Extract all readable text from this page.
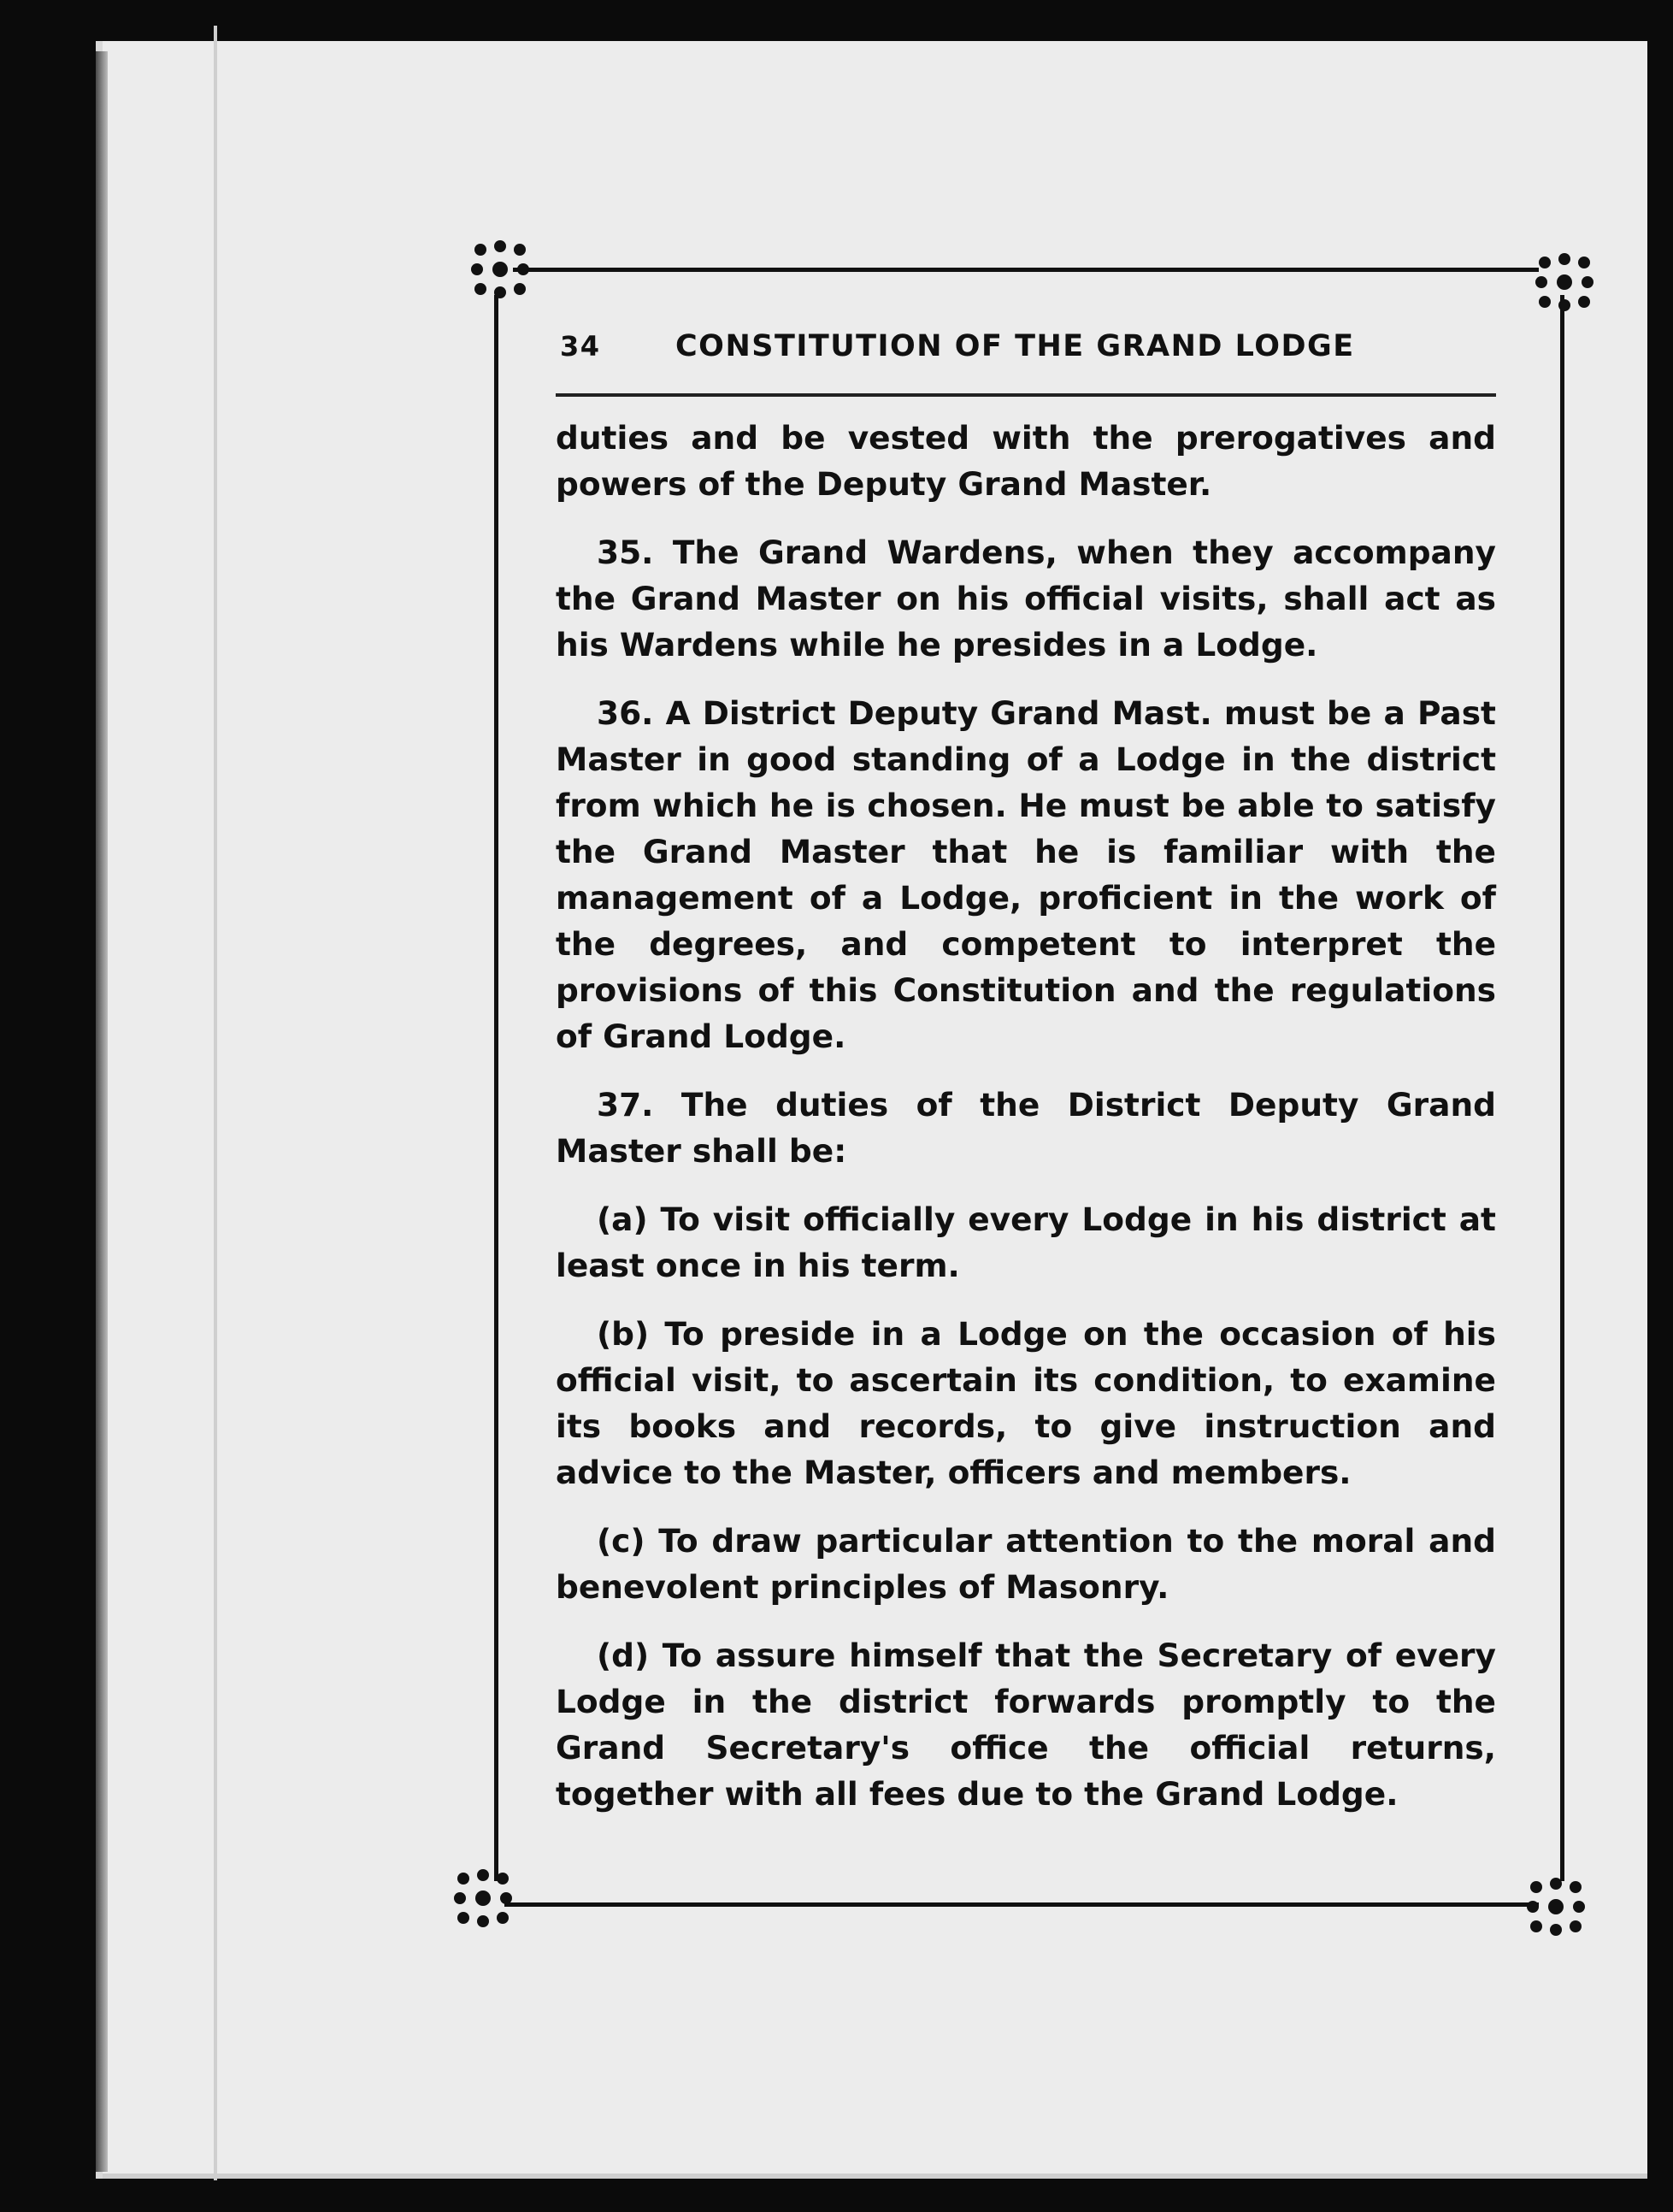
34	CONSTITUTION OF THE GRAND LODGE

duties and be vested with the prerogatives and powers of the Deputy Grand Master.

35. The Grand Wardens, when they accompany the Grand Master on his official visits, shall act as his Wardens while he presides in a Lodge.

36. A District Deputy Grand Mast. must be a Past Master in good standing of a Lodge in the district from which he is chosen. He must be able to satisfy the Grand Master that he is familiar with the management of a Lodge, proficient in the work of the degrees, and competent to interpret the provisions of this Constitution and the regulations of Grand Lodge.

37. The duties of the District Deputy Grand Master shall be:

(a) To visit officially every Lodge in his district at least once in his term.

(b) To preside in a Lodge on the occasion of his official visit, to ascertain its condition, to examine its books and records, to give instruction and advice to the Master, officers and members.

(c) To draw particular attention to the moral and benevolent principles of Masonry.

(d) To assure himself that the Secretary of every Lodge in the district forwards promptly to the Grand Secretary's office the official returns, together with all fees due to the Grand Lodge.
